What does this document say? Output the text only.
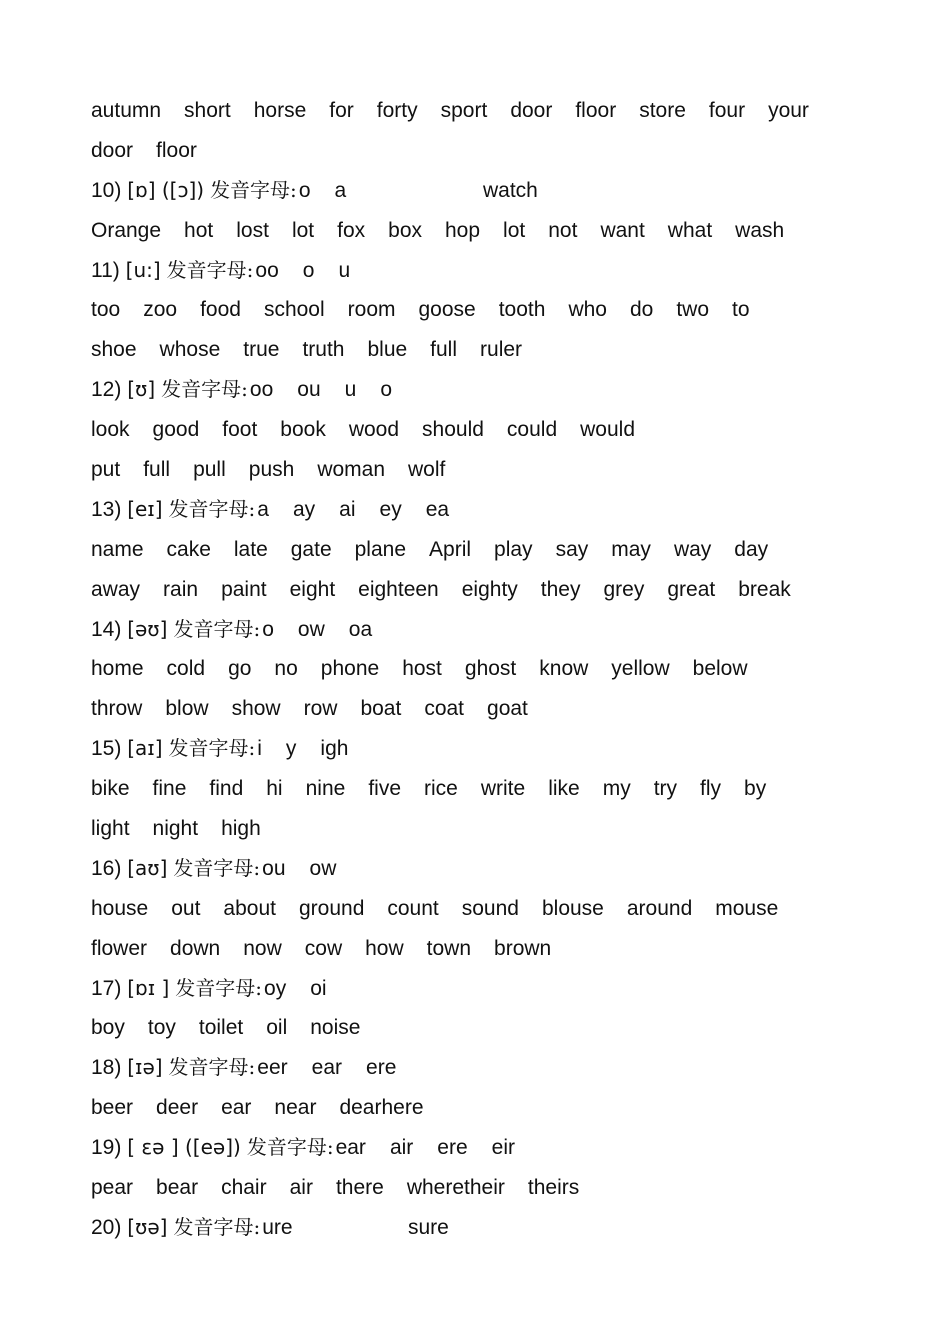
autumn short horse for forty sport door floor store four your
door floor
10) [ɒ] ([ɔ]) 发音字母:o a	watch
Orange hot lost lot fox box hop lot not want what wash
11) [u:] 发音字母:oo o u
too zoo food school room goose tooth who do two to
shoe whose true truth blue full ruler
12) [ʊ] 发音字母:oo ou u o
look good foot book wood should could would
put full pull push woman wolf
13) [eɪ] 发音字母:a ay ai ey ea
name cake late gate plane April play say may way day
away rain paint eight eighteen eighty they grey great break
14) [əʊ] 发音字母:o ow oa
home cold go no phone host ghost know yellow below
throw blow show row boat coat goat
15) [aɪ] 发音字母:i y igh
bike fine find hi nine five rice write like my try fly by
light night high
16) [aʊ] 发音字母:ou ow
house out about ground count sound blouse around mouse
flower down now cow how town brown
17) [ɒɪ ] 发音字母:oy oi
boy toy toilet oil noise
18) [ɪə] 发音字母:eer ear ere
beer deer ear near dearhere
19) [ εə ] ([eə]) 发音字母:ear air ere eir
pear bear chair air there wheretheir theirs
20) [ʊə] 发音字母:ure	sure
